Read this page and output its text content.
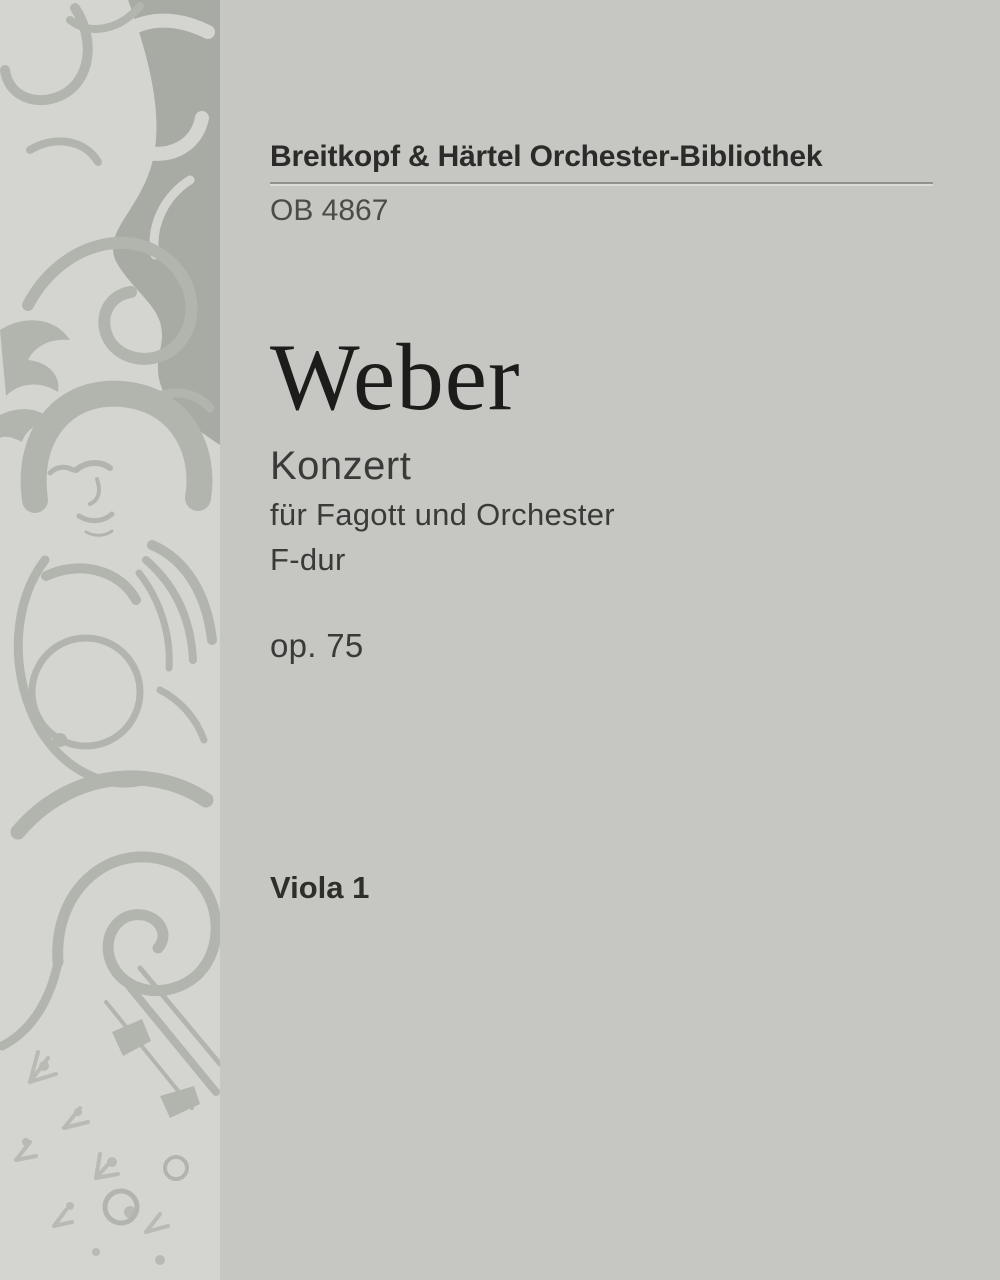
Breitkopf & Härtel Orchester-Bibliothek
OB 4867
Weber
Konzert
für Fagott und Orchester
F-dur
op. 75
Viola 1
